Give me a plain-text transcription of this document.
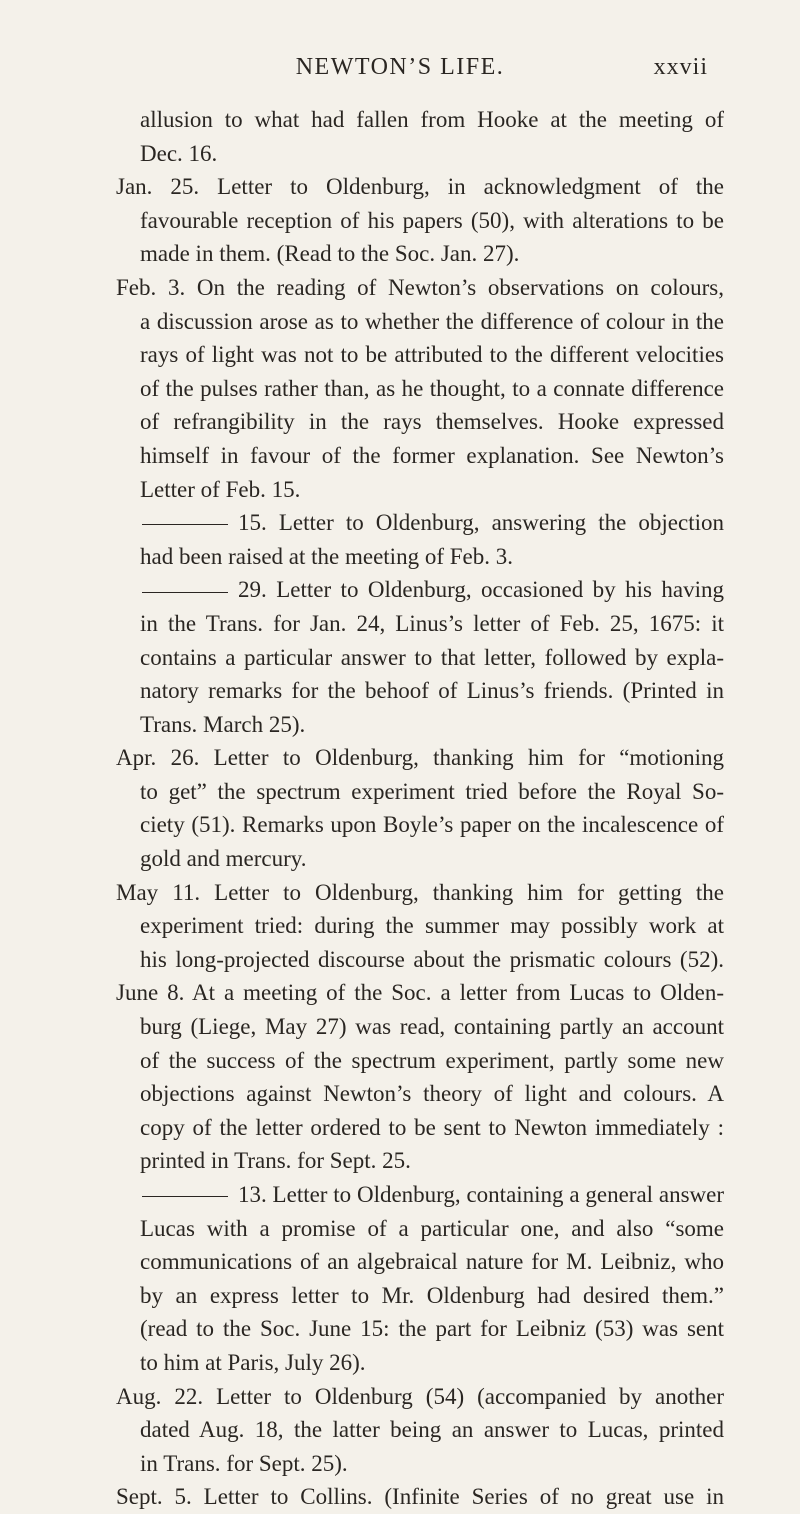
NEWTON’S LIFE.	xxvii
allusion to what had fallen from Hooke at the meeting of
Dec. 16.
Jan. 25. Letter to Oldenburg, in acknowledgment of the
favourable reception of his papers (50), with alterations to be
made in them. (Read to the Soc. Jan. 27).
Feb. 3. On the reading of Newton’s observations on colours,
a discussion arose as to whether the difference of colour in the
rays of light was not to be attributed to the different velocities
of the pulses rather than, as he thought, to a connate difference
of refrangibility in the rays themselves. Hooke expressed
himself in favour of the former explanation. See Newton’s
Letter of Feb. 15.
15. Letter to Oldenburg, answering the objection
had been raised at the meeting of Feb. 3.
29. Letter to Oldenburg, occasioned by his having
in the Trans. for Jan. 24, Linus’s letter of Feb. 25, 1675: it
contains a particular answer to that letter, followed by expla-
natory remarks for the behoof of Linus’s friends. (Printed in
Trans. March 25).
Apr. 26. Letter to Oldenburg, thanking him for “motioning
to get” the spectrum experiment tried before the Royal So-
ciety (51). Remarks upon Boyle’s paper on the incalescence of
gold and mercury.
May 11. Letter to Oldenburg, thanking him for getting the
experiment tried: during the summer may possibly work at
his long-projected discourse about the prismatic colours (52).
June 8. At a meeting of the Soc. a letter from Lucas to Olden-
burg (Liege, May 27) was read, containing partly an account
of the success of the spectrum experiment, partly some new
objections against Newton’s theory of light and colours. A
copy of the letter ordered to be sent to Newton immediately :
printed in Trans. for Sept. 25.
13. Letter to Oldenburg, containing a general answer
Lucas with a promise of a particular one, and also “some
communications of an algebraical nature for M. Leibniz, who
by an express letter to Mr. Oldenburg had desired them.”
(read to the Soc. June 15: the part for Leibniz (53) was sent
to him at Paris, July 26).
Aug. 22. Letter to Oldenburg (54) (accompanied by another
dated Aug. 18, the latter being an answer to Lucas, printed
in Trans. for Sept. 25).
Sept. 5. Letter to Collins. (Infinite Series of no great use in
